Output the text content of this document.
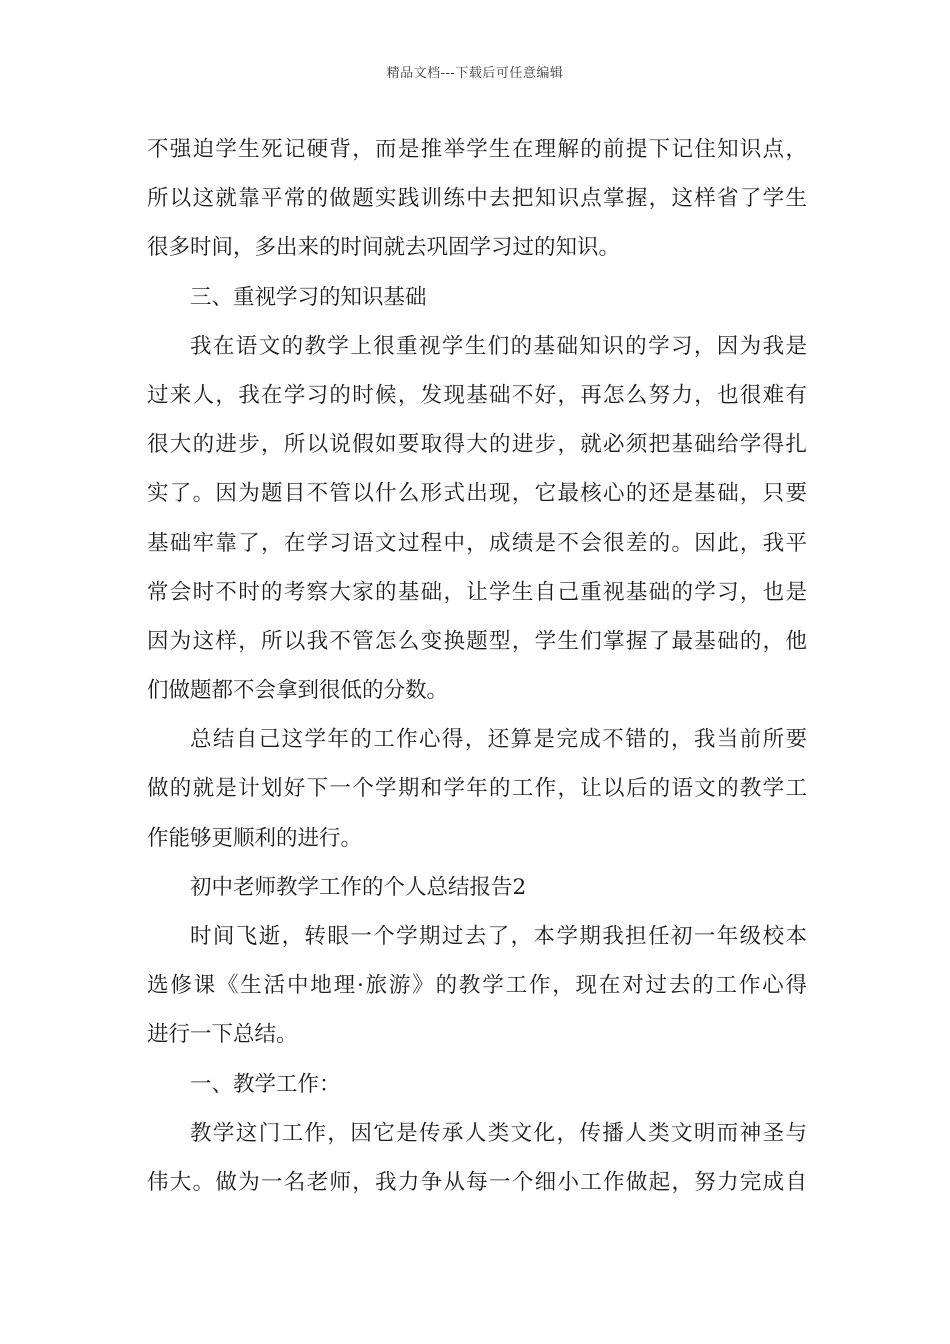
精品文档---下载后可任意编辑
不强迫学生死记硬背，而是推举学生在理解的前提下记住知识点，
所以这就靠平常的做题实践训练中去把知识点掌握，这样省了学生
很多时间，多出来的时间就去巩固学习过的知识。
三、重视学习的知识基础
我在语文的教学上很重视学生们的基础知识的学习，因为我是
过来人，我在学习的时候，发现基础不好，再怎么努力，也很难有
很大的进步，所以说假如要取得大的进步，就必须把基础给学得扎
实了。因为题目不管以什么形式出现，它最核心的还是基础，只要
基础牢靠了，在学习语文过程中，成绩是不会很差的。因此，我平
常会时不时的考察大家的基础，让学生自己重视基础的学习，也是
因为这样，所以我不管怎么变换题型，学生们掌握了最基础的，他
们做题都不会拿到很低的分数。
总结自己这学年的工作心得，还算是完成不错的，我当前所要
做的就是计划好下一个学期和学年的工作，让以后的语文的教学工
作能够更顺利的进行。
初中老师教学工作的个人总结报告2
时间飞逝，转眼一个学期过去了，本学期我担任初一年级校本
选修课《生活中地理·旅游》的教学工作，现在对过去的工作心得
进行一下总结。
一、教学工作：
教学这门工作，因它是传承人类文化，传播人类文明而神圣与
伟大。做为一名老师，我力争从每一个细小工作做起，努力完成自
